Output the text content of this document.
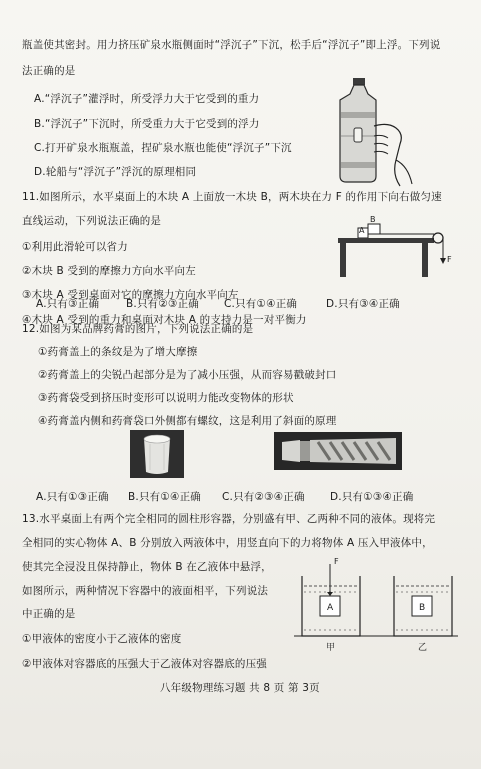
瓶盖使其密封。用力挤压矿泉水瓶侧面时“浮沉子”下沉，松手后“浮沉子”即上浮。下列说
法正确的是
A.“浮沉子”灌浮时，所受浮力大于它受到的重力
B.“浮沉子”下沉时，所受重力大于它受到的浮力
C.打开矿泉水瓶瓶盖，捏矿泉水瓶也能使“浮沉子”下沉
D.轮船与“浮沉子”浮沉的原理相同
11.如图所示，水平桌面上的木块 A 上面放一木块 B，两木块在力 F 的作用下向右做匀速
直线运动，下列说法正确的是
①利用此滑轮可以省力
②木块 B 受到的摩擦力方向水平向左
③木块 A 受到桌面对它的摩擦力方向水平向左
④木块 A 受到的重力和桌面对木块 A 的支持力是一对平衡力
A.只有③正确	B.只有②③正确 C.只有①④正确	D.只有③④正确
A
B
F
12.如图为某品牌药膏的图片，下列说法正确的是
①药膏盖上的条纹是为了增大摩擦
②药膏盖上的尖锐凸起部分是为了减小压强，从而容易戳破封口
③药膏袋受到挤压时变形可以说明力能改变物体的形状
④药膏盖内侧和药膏袋口外侧都有螺纹，这是利用了斜面的原理
A.只有①③正确 B.只有①④正确 C.只有②③④正确 D.只有①③④正确
13.水平桌面上有两个完全相同的圆柱形容器，分别盛有甲、乙两种不同的液体。现将完
全相同的实心物体 A、B 分别放入两液体中，用竖直向下的力将物体 A 压入甲液体中，
使其完全浸没且保持静止，物体 B 在乙液体中悬浮，
如图所示，两种情况下容器中的液面相平，下列说法
中正确的是
①甲液体的密度小于乙液体的密度
②甲液体对容器底的压强大于乙液体对容器底的压强
A	B
F
甲	乙
八年级物理练习题 共 8 页 第 3页
